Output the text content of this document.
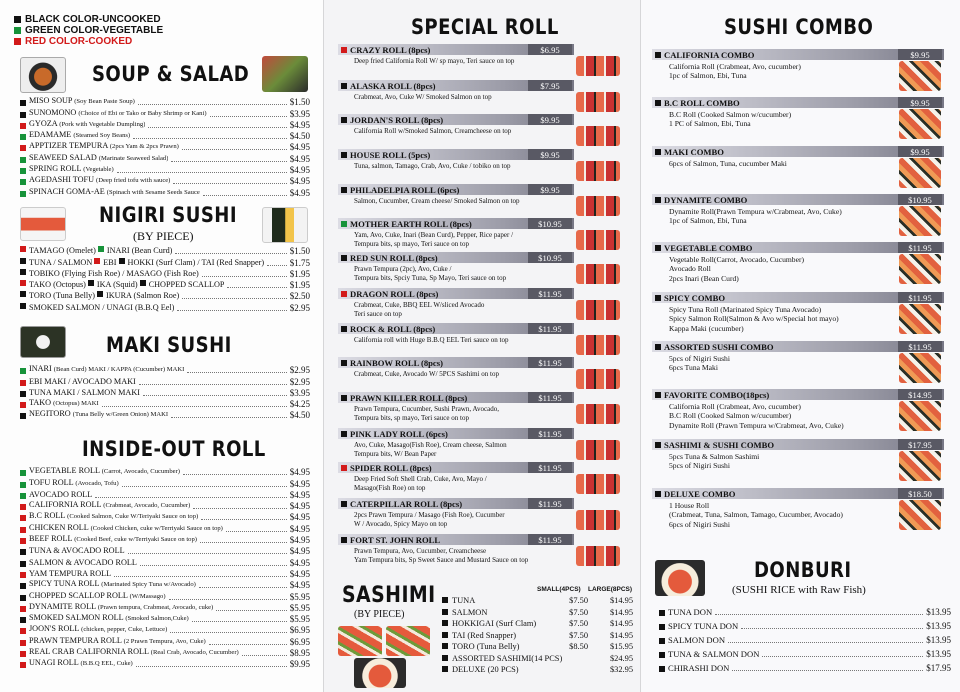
BLACK COLOR-UNCOOKED
GREEN COLOR-VEGETABLE
RED COLOR-COOKED
SOUP & SALAD
MISO SOUP (Soy Bean Paste Soup)	$1.50
SUNOMONO (Choice of Ebi or Tako or Baby Shrimp or Kani)	$3.95
GYOZA (Pork with Vegetable Dumpling)	$4.95
EDAMAME (Steamed Soy Beans)	$4.50
APPTIZER TEMPURA (2pcs Yam & 2pcs Prawn)	$4.95
SEAWEED SALAD (Marinate Seaweed Salad)	$4.95
SPRING ROLL (Vegetable)	$4.95
AGEDASHI TOFU (Deep fried tofu with sauce)	$4.95
SPINACH GOMA-AE (Spinach with Sesame Seeds Sauce	$4.95
NIGIRI SUSHI
(BY PIECE)
TAMAGO (Omelet) INARI (Bean Curd)	$1.50
TUNA / SALMON EBI HOKKI (Surf Clam) / TAI (Red Snapper)	$1.75
TOBIKO (Flying Fish Roe) / MASAGO (Fish Roe)	$1.95
TAKO (Octopus) IKA (Squid) CHOPPED SCALLOP	$1.95
TORO (Tuna Belly) IKURA (Salmon Roe)	$2.50
SMOKED SALMON / UNAGI (B.B.Q Eel)	$2.95
MAKI SUSHI
INARI (Bean Curd) MAKI / KAPPA (Cucumber) MAKI	$2.95
EBI MAKI / AVOCADO MAKI	$2.95
TUNA MAKI / SALMON MAKI	$3.95
TAKO (Octopus) MAKI	$4.25
NEGITORO (Tuna Belly w/Green Onion) MAKI	$4.50
INSIDE-OUT ROLL
VEGETABLE ROLL (Carrot, Avocado, Cucumber)	$4.95
TOFU ROLL (Avocado, Tofu)	$4.95
AVOCADO ROLL	$4.95
CALIFORNIA ROLL (Crabmeat, Avocado, Cucumber)	$4.95
B.C ROLL (Cooked Salmon, Cuke W/Teriyaki Sauce on top)	$4.95
CHICKEN ROLL (Cooked Chicken, cuke w/Terriyaki Sauce on top)	$4.95
BEEF ROLL (Cooked Beef, cuke w/Terriyaki Sauce on top)	$4.95
TUNA & AVOCADO ROLL	$4.95
SALMON & AVOCADO ROLL	$4.95
YAM TEMPURA ROLL	$4.95
SPICY TUNA ROLL (Marinated Spicy Tuna w/Avocado)	$4.95
CHOPPED SCALLOP ROLL (W/Massago)	$5.95
DYNAMITE ROLL (Prawn tempura, Crabmeat, Avocado, cuke)	$5.95
SMOKED SALMON ROLL (Smoked Salmon,Cuke)	$5.95
JOON'S ROLL (chicken, pepper, Cuke, Lettuce)	$6.95
PRAWN TEMPURA ROLL (2 Prawn Tempura, Avo, Cuke)	$6.95
REAL CRAB CALIFORNIA ROLL (Real Crab, Avocado, Cucumber)	$8.95
UNAGI ROLL (B.B.Q EEL, Cuke)	$9.95
SPECIAL ROLL
CRAZY ROLL (8pcs)	$6.95
Deep fried California Roll W/ sp mayo, Teri sauce on top
ALASKA ROLL (8pcs)	$7.95
Crabmeat, Avo, Cuke W/ Smoked Salmon on top
JORDAN'S ROLL (8pcs)	$9.95
California Roll w/Smoked Salmon, Creamcheese on top
HOUSE ROLL (5pcs)	$9.95
Tuna, salmon, Tamago, Crab, Avo, Cuke / tobiko on top
PHILADELPIA ROLL (6pcs)	$9.95
Salmon, Cucumber, Cream cheese/ Smoked Salmon on top
MOTHER EARTH ROLL (8pcs)	$10.95
Yam, Avo, Cuke, Inari (Bean Curd), Pepper, Rice paper /
Tempura bits, sp mayo, Teri sauce on top
RED SUN ROLL (8pcs)	$10.95
Prawn Tempura (2pc), Avo, Cuke /
Tempura bits, Spciy Tuna, Sp Mayo, Teri sauce on top
DRAGON ROLL (8pcs)	$11.95
Crabmeat, Cuke, BBQ EEL W/sliced Avocado
Teri sauce on top
ROCK & ROLL (8pcs)	$11.95
California roll with Huge B.B.Q EEL Teri sauce on top
RAINBOW ROLL (8pcs)	$11.95
Crabmeat, Cuke, Avocado W/ 5PCS Sashimi on top
PRAWN KILLER ROLL (8pcs)	$11.95
Prawn Tempura, Cucumber, Sushi Prawn, Avocado,
Tempura bits, sp mayo, Teri sauce on top
PINK LADY ROLL (6pcs)	$11.95
Avo, Cuke, Masago(Fish Roe), Cream cheese, Salmon
Tempura bits, W/ Bean Paper
SPIDER ROLL (8pcs)	$11.95
Deep Fried Soft Shell Crab, Cuke, Avo, Mayo /
Masago(Fish Roe) on top
CATERPILLAR ROLL (8pcs)	$11.95
2pcs Prawn Tempura / Masago (Fish Roe), Cucumber
W / Avocado, Spicy Mayo on top
FORT ST. JOHN ROLL	$11.95
Prawn Tempura, Avo, Cucumber, Creamcheese
Yam Tempura bits, Sp Sweet Sauce and Mustard Sauce on top
SASHIMI
(BY PIECE)
SMALL(4PCS) LARGE(8PCS)
TUNA	$7.50	$14.95
SALMON	$7.50	$14.95
HOKKIGAI (Surf Clam)	$7.50	$14.95
TAI (Red Snapper)	$7.50	$14.95
TORO (Tuna Belly)	$8.50	$15.95
ASSORTED SASHIMI(14 PCS)	$24.95
DELUXE (20 PCS)	$32.95
SUSHI COMBO
CALIFORNIA COMBO	$9.95
California Roll (Crabmeat, Avo, cucumber)
1pc of Salmon, Ebi, Tuna
B.C ROLL COMBO	$9.95
B.C Roll (Cooked Salmon w/cucumber)
1 PC of Salmon, Ebi, Tuna
MAKI COMBO	$9.95
6pcs of Salmon, Tuna, cucumber Maki
DYNAMITE COMBO	$10.95
Dynamite Roll(Prawn Tempura w/Crabmeat, Avo, Cuke)
1pc of Salmon, Ebi, Tuna
VEGETABLE COMBO	$11.95
Vegetable Roll(Carrot, Avocado, Cucumber)
Avocado Roll
2pcs Inari (Bean Curd)
SPICY COMBO	$11.95
Spicy Tuna Roll (Marinated Spicy Tuna Avocado)
Spicy Salmon Roll(Salmon & Avo w/Special hot mayo)
Kappa Maki (cucumber)
ASSORTED SUSHI COMBO	$11.95
5pcs of Nigiri Sushi
6pcs Tuna Maki
FAVORITE COMBO(18pcs)	$14.95
California Roll (Crabmeat, Avo, cucumber)
B.C Roll (Cooked Salmon w/cucumber)
Dynamite Roll (Prawn Tempura w/Crabmeat, Avo, Cuke)
SASHIMI & SUSHI COMBO	$17.95
5pcs Tuna & Salmon Sashimi
5pcs of Nigiri Sushi
DELUXE COMBO	$18.50
1 House Roll
(Crabmeat, Tuna, Salmon, Tamago, Cucumber, Avocado)
6pcs of Nigiri Sushi
DONBURI
(SUSHI RICE with Raw Fish)
TUNA DON	$13.95
SPICY TUNA DON	$13.95
SALMON DON	$13.95
TUNA & SALMON DON	$13.95
CHIRASHI DON	$17.95
